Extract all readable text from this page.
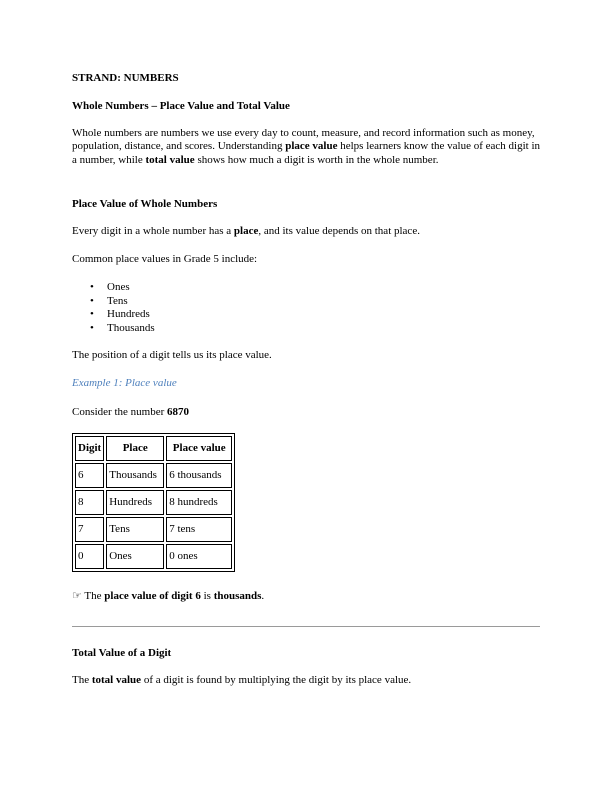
STRAND: NUMBERS
Whole Numbers – Place Value and Total Value
Whole numbers are numbers we use every day to count, measure, and record information such as money, population, distance, and scores. Understanding place value helps learners know the value of each digit in a number, while total value shows how much a digit is worth in the whole number.
Place Value of Whole Numbers
Every digit in a whole number has a place, and its value depends on that place.
Common place values in Grade 5 include:
• Ones
• Tens
• Hundreds
• Thousands
The position of a digit tells us its place value.
Example 1: Place value
Consider the number 6870
Digit	Place	Place value
6	Thousands	6 thousands
8	Hundreds	8 hundreds
7	Tens	7 tens
0	Ones	0 ones
☞ The place value of digit 6 is thousands.
Total Value of a Digit
The total value of a digit is found by multiplying the digit by its place value.
